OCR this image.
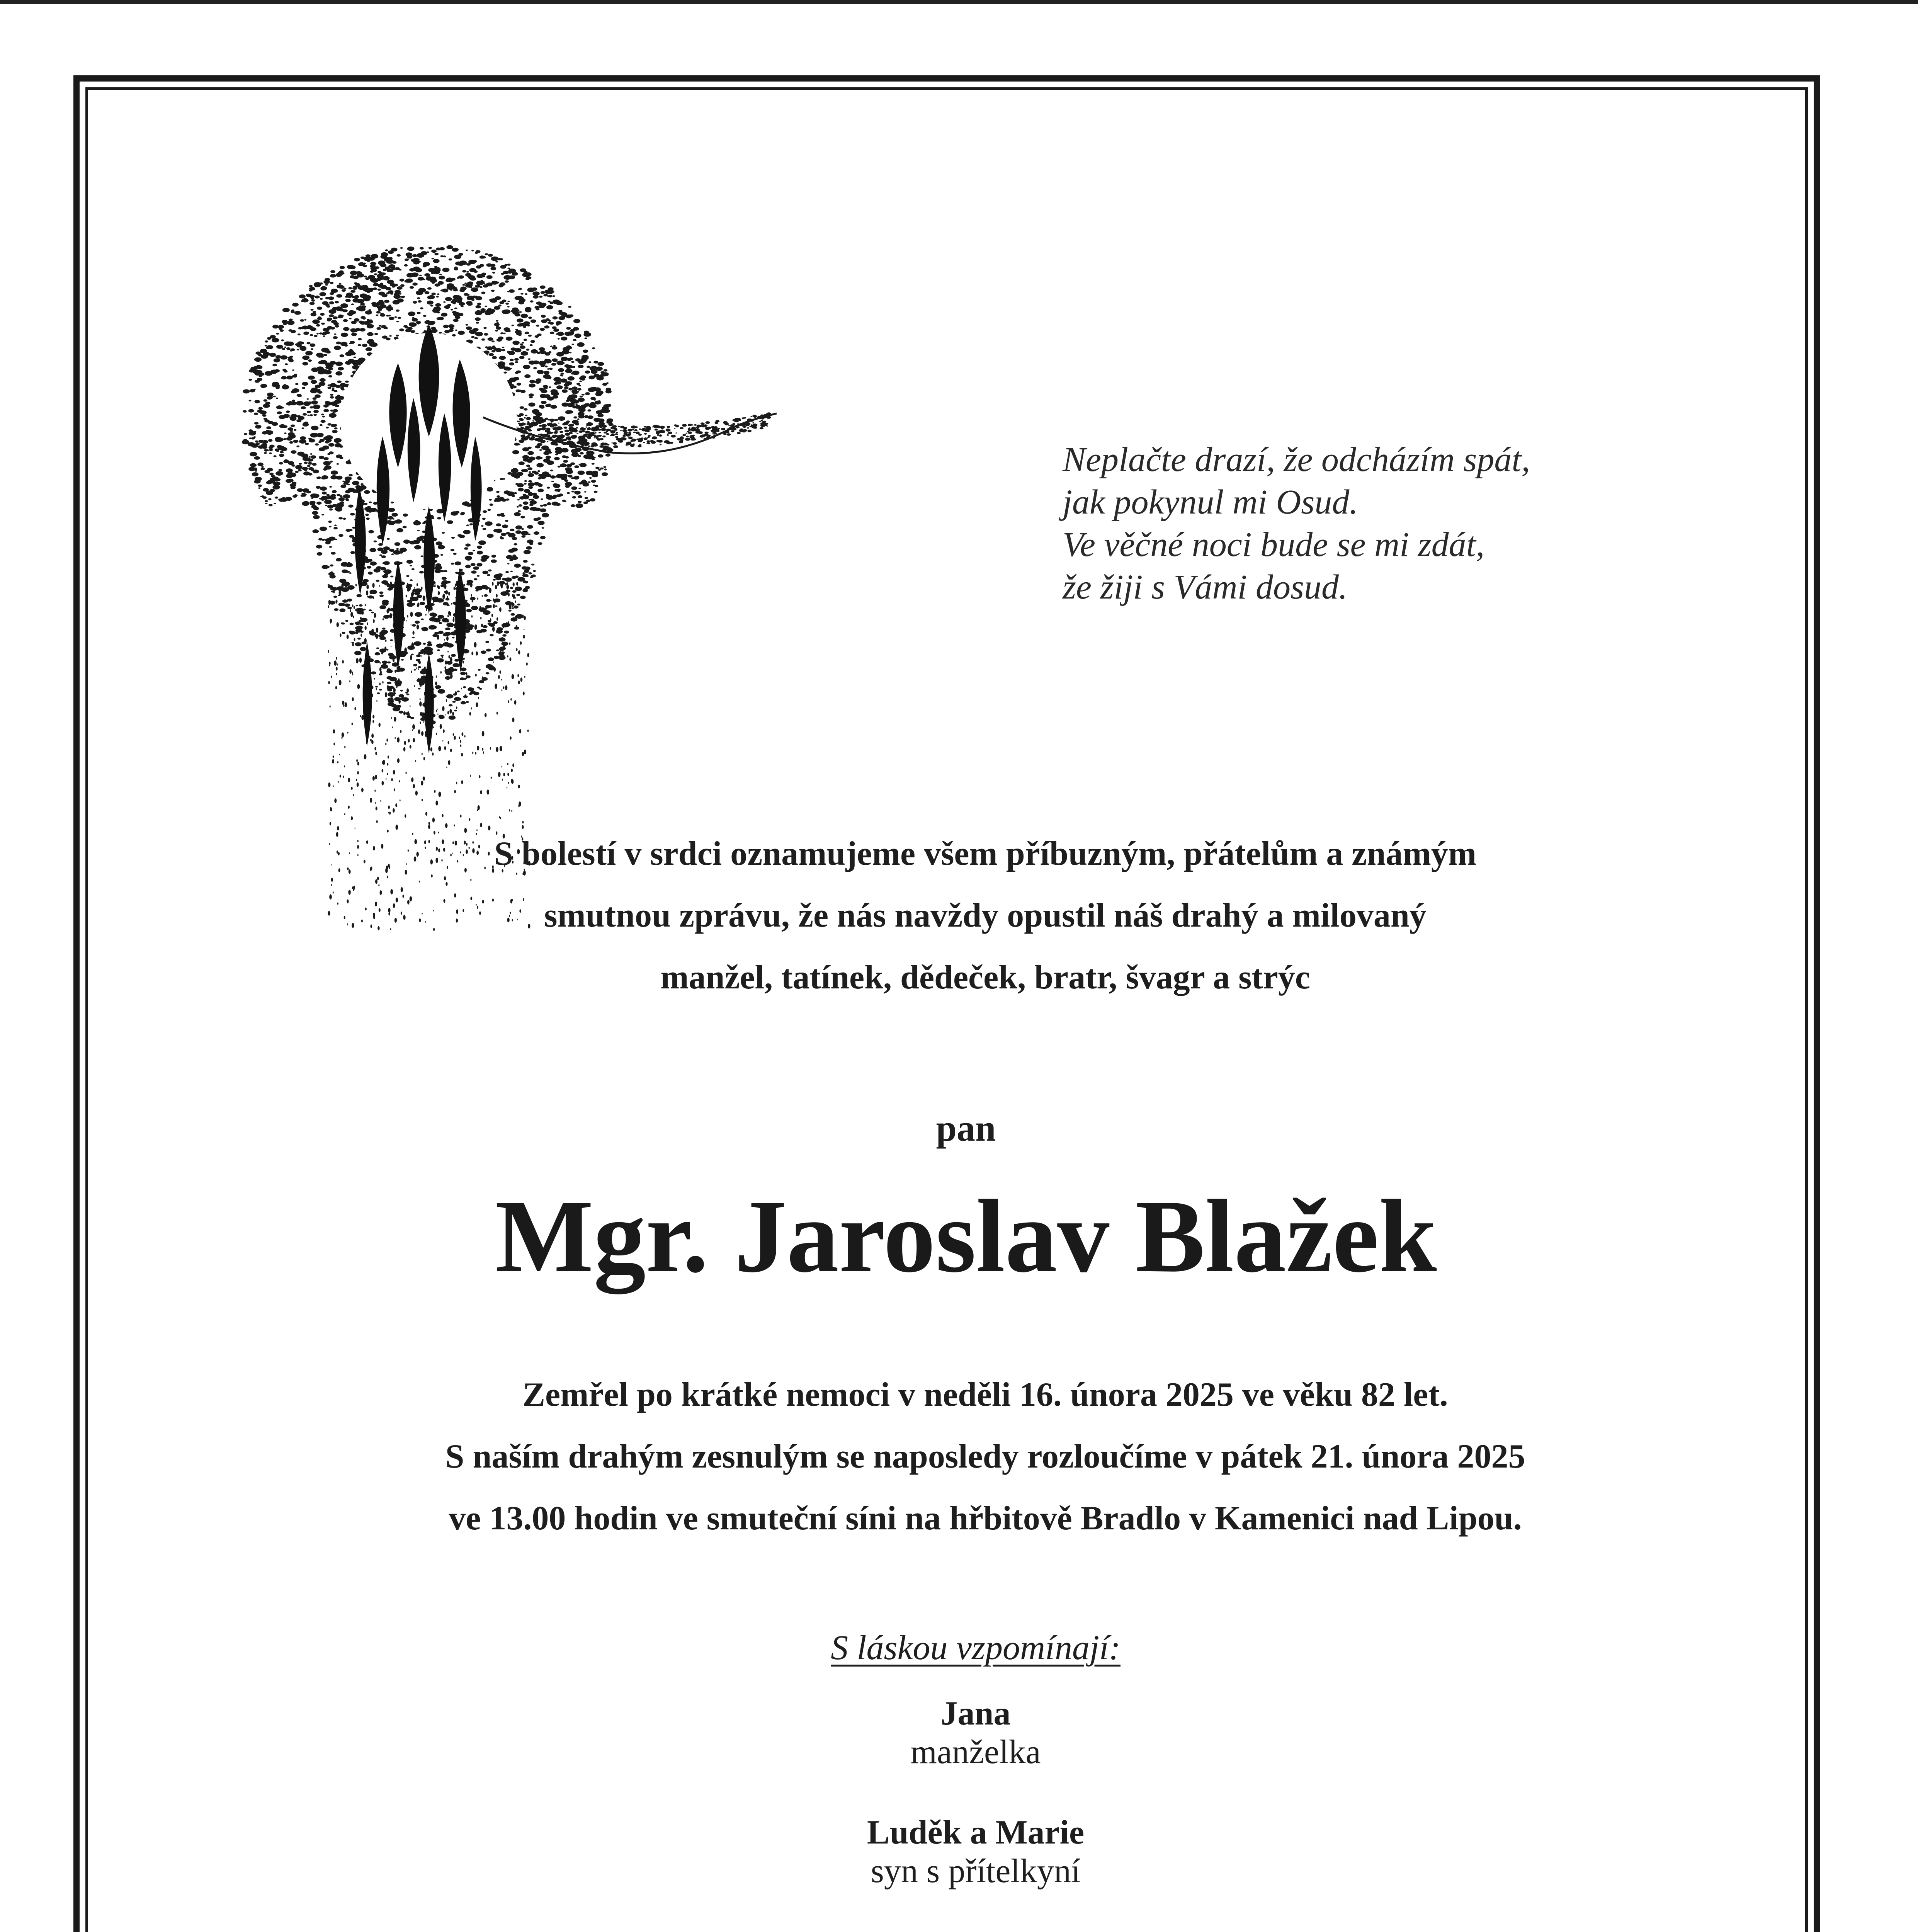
Neplačte drazí, že odcházím spát,
jak pokynul mi Osud.
Ve věčné noci bude se mi zdát,
že žiji s Vámi dosud.
S bolestí v srdci oznamujeme všem příbuzným, přátelům a známým
smutnou zprávu, že nás navždy opustil náš drahý a milovaný
manžel, tatínek, dědeček, bratr, švagr a strýc
pan
Mgr. Jaroslav Blažek
Zemřel po krátké nemoci v neděli 16. února 2025 ve věku 82 let.
S naším drahým zesnulým se naposledy rozloučíme v pátek 21. února 2025
ve 13.00 hodin ve smuteční síni na hřbitově Bradlo v Kamenici nad Lipou.
S láskou vzpomínají:
Jana
manželka
Luděk a Marie
syn s přítelkyní
